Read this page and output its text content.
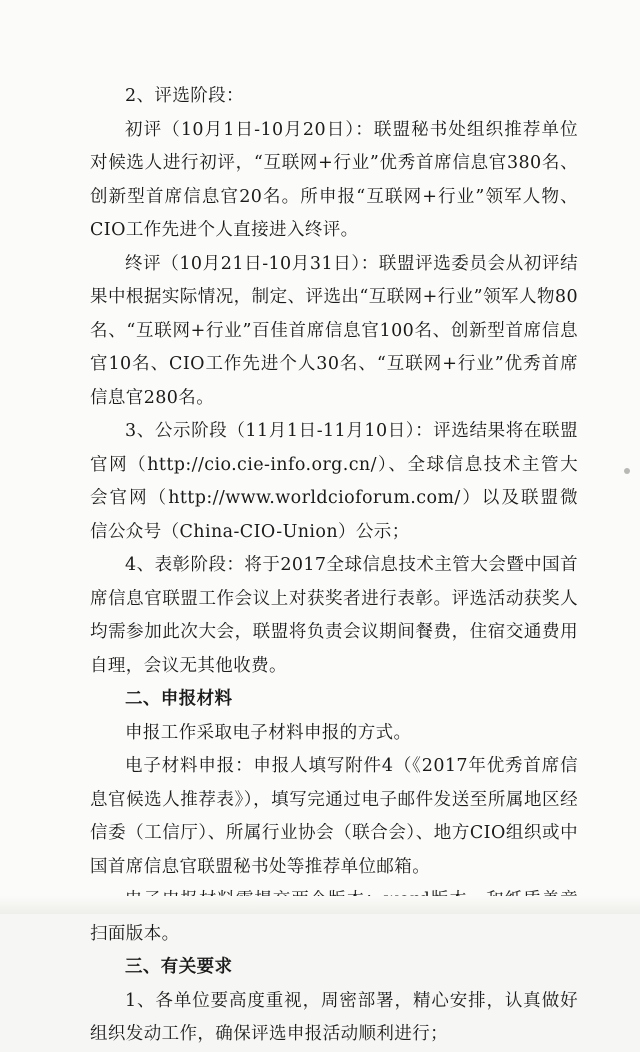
2、评选阶段：

初评（10月1日-10月20日）：联盟秘书处组织推荐单位对候选人进行初评，“互联网+行业”优秀首席信息官380名、创新型首席信息官20名。所申报“互联网+行业”领军人物、CIO工作先进个人直接进入终评。

终评（10月21日-10月31日）：联盟评选委员会从初评结果中根据实际情况，制定、评选出“互联网+行业”领军人物80名、“互联网+行业”百佳首席信息官100名、创新型首席信息官10名、CIO工作先进个人30名、“互联网+行业”优秀首席信息官280名。

3、公示阶段（11月1日-11月10日）：评选结果将在联盟官网（http://cio.cie-info.org.cn/）、全球信息技术主管大会官网（http://www.worldcioforum.com/）以及联盟微信公众号（China-CIO-Union）公示；

4、表彰阶段：将于2017全球信息技术主管大会暨中国首席信息官联盟工作会议上对获奖者进行表彰。评选活动获奖人均需参加此次大会，联盟将负责会议期间餐费，住宿交通费用自理，会议无其他收费。

二、申报材料

申报工作采取电子材料申报的方式。

电子材料申报：申报人填写附件4（《2017年优秀首席信息官候选人推荐表》），填写完通过电子邮件发送至所属地区经信委（工信厅）、所属行业协会（联合会）、地方CIO组织或中国首席信息官联盟秘书处等推荐单位邮箱。

扫面版本。

三、有关要求

1、各单位要高度重视，周密部署，精心安排，认真做好组织发动工作，确保评选申报活动顺利进行；
